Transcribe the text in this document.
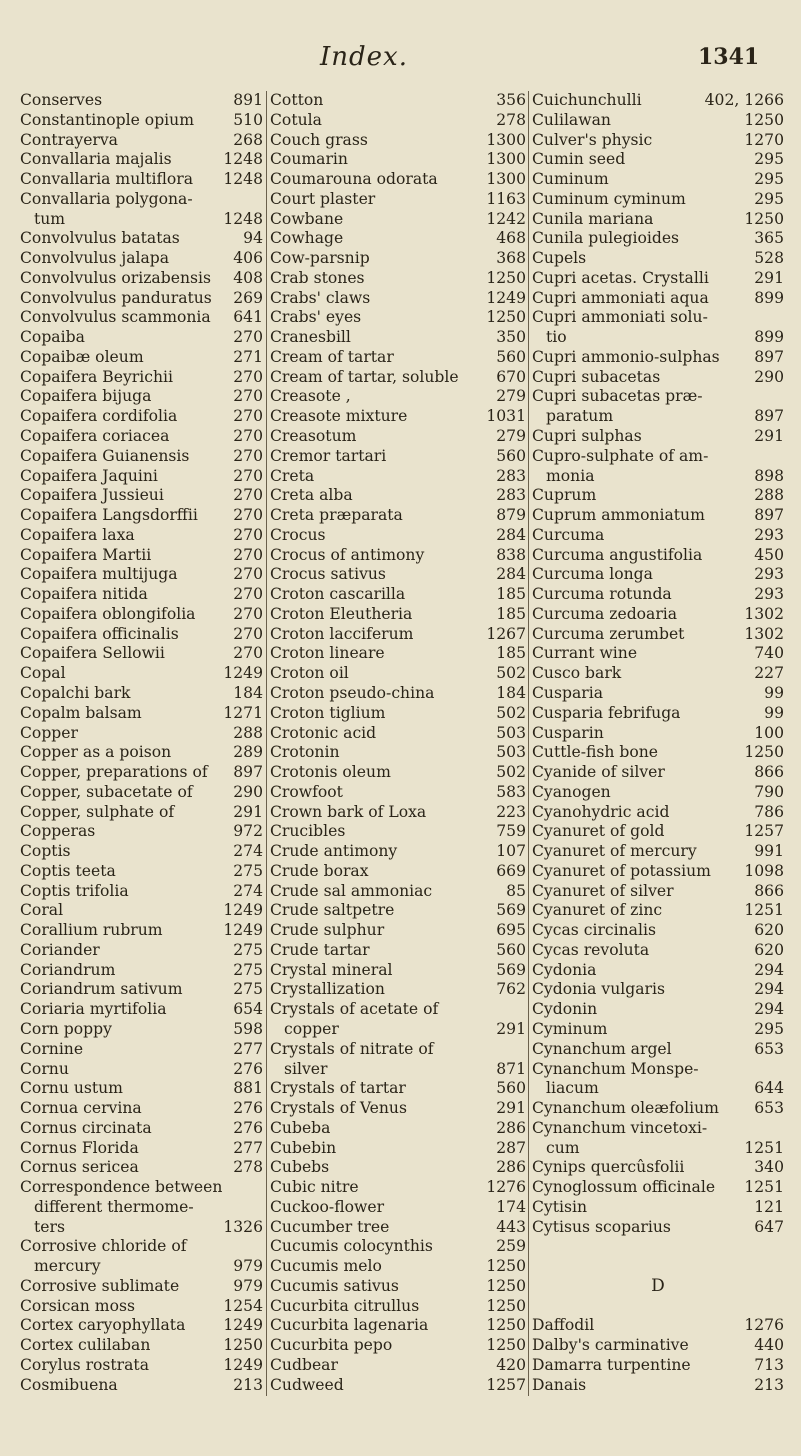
Index.	1341
Conserves	891
Constantinople opium	510
Contrayerva	268
Convallaria majalis	1248
Convallaria multiflora 1248
Convallaria polygona-
tum	1248
Convolvulus batatas	94
Convolvulus jalapa	406
Convolvulus orizabensis 408
Convolvulus panduratus 269
Convolvulus scammonia 641
Copaiba	270
Copaibæ oleum	271
Copaifera Beyrichii	270
Copaifera bijuga	270
Copaifera cordifolia	270
Copaifera coriacea	270
Copaifera Guianensis	270
Copaifera Jaquini	270
Copaifera Jussieui	270
Copaifera Langsdorffii 270
Copaifera laxa	270
Copaifera Martii	270
Copaifera multijuga	270
Copaifera nitida	270
Copaifera oblongifolia 270
Copaifera officinalis	270
Copaifera Sellowii	270
Copal	1249
Copalchi bark	184
Copalm balsam	1271
Copper	288
Copper as a poison	289
Copper, preparations of 897
Copper, subacetate of	290
Copper, sulphate of	291
Copperas	972
Coptis	274
Coptis teeta	275
Coptis trifolia	274
Coral	1249
Corallium rubrum	1249
Coriander	275
Coriandrum	275
Coriandrum sativum	275
Coriaria myrtifolia	654
Corn poppy	598
Cornine	277
Cornu	276
Cornu ustum	881
Cornua cervina	276
Cornus circinata	276
Cornus Florida	277
Cornus sericea	278
Correspondence between
different thermome-
ters	1326
Corrosive chloride of
mercury	979
Corrosive sublimate	979
Corsican moss	1254
Cortex caryophyllata 1249
Cortex culilaban	1250
Corylus rostrata	1249
Cosmibuena	213
Cotton	356
Cotula	278
Couch grass	1300
Coumarin	1300
Coumarouna odorata	1300
Court plaster	1163
Cowbane	1242
Cowhage	468
Cow-parsnip	368
Crab stones	1250
Crabs' claws	1249
Crabs' eyes	1250
Cranesbill	350
Cream of tartar	560
Cream of tartar, soluble 670
Creasote ,	279
Creasote mixture	1031
Creasotum	279
Cremor tartari	560
Creta	283
Creta alba	283
Creta præparata	879
Crocus	284
Crocus of antimony	838
Crocus sativus	284
Croton cascarilla	185
Croton Eleutheria	185
Croton lacciferum	1267
Croton lineare	185
Croton oil	502
Croton pseudo-china	184
Croton tiglium	502
Crotonic acid	503
Crotonin	503
Crotonis oleum	502
Crowfoot	583
Crown bark of Loxa	223
Crucibles	759
Crude antimony	107
Crude borax	669
Crude sal ammoniac	85
Crude saltpetre	569
Crude sulphur	695
Crude tartar	560
Crystal mineral	569
Crystallization	762
Crystals of acetate of
copper	291
Crystals of nitrate of
silver	871
Crystals of tartar	560
Crystals of Venus	291
Cubeba	286
Cubebin	287
Cubebs	286
Cubic nitre	1276
Cuckoo-flower	174
Cucumber tree	443
Cucumis colocynthis	259
Cucumis melo	1250
Cucumis sativus	1250
Cucurbita citrullus	1250
Cucurbita lagenaria	1250
Cucurbita pepo	1250
Cudbear	420
Cudweed	1257
Cuichunchulli	402, 1266
Culilawan	1250
Culver's physic	1270
Cumin seed	295
Cuminum	295
Cuminum cyminum	295
Cunila mariana	1250
Cunila pulegioides	365
Cupels	528
Cupri acetas. Crystalli	291
Cupri ammoniati aqua	899
Cupri ammoniati solu-
tio	899
Cupri ammonio-sulphas 897
Cupri subacetas	290
Cupri subacetas præ-
paratum	897
Cupri sulphas	291
Cupro-sulphate of am-
monia	898
Cuprum	288
Cuprum ammoniatum	897
Curcuma	293
Curcuma angustifolia	450
Curcuma longa	293
Curcuma rotunda	293
Curcuma zedoaria	1302
Curcuma zerumbet	1302
Currant wine	740
Cusco bark	227
Cusparia	99
Cusparia febrifuga	99
Cusparin	100
Cuttle-fish bone	1250
Cyanide of silver	866
Cyanogen	790
Cyanohydric acid	786
Cyanuret of gold	1257
Cyanuret of mercury	991
Cyanuret of potassium 1098
Cyanuret of silver	866
Cyanuret of zinc	1251
Cycas circinalis	620
Cycas revoluta	620
Cydonia	294
Cydonia vulgaris	294
Cydonin	294
Cyminum	295
Cynanchum argel	653
Cynanchum Monspe-
liacum	644
Cynanchum oleæfolium 653
Cynanchum vincetoxi-
cum	1251
Cynips quercûsfolii	340
Cynoglossum officinale 1251
Cytisin	121
Cytisus scoparius	647
D
Daffodil	1276
Dalby's carminative	440
Damarra turpentine	713
Danais	213
